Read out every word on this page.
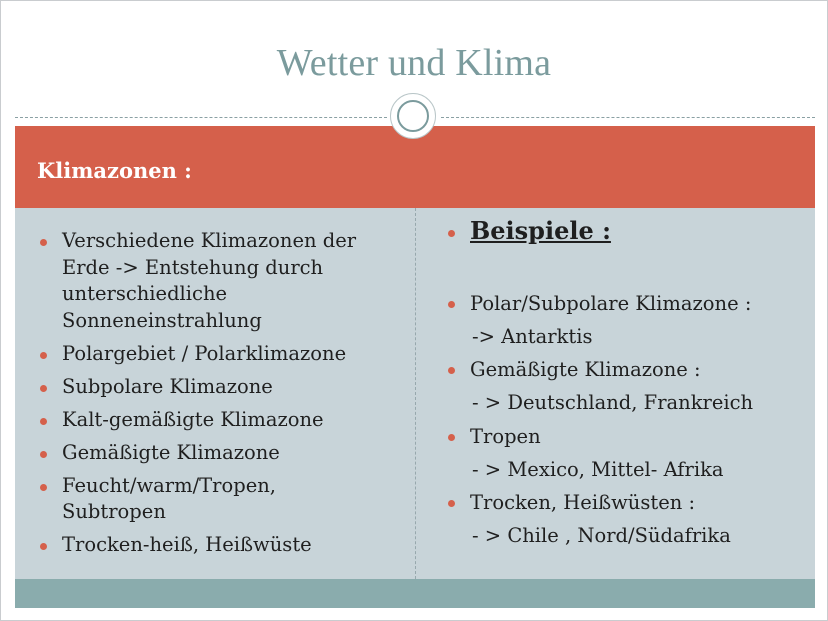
Wetter und Klima
Klimazonen :
Verschiedene Klimazonen der Erde -> Entstehung durch unterschiedliche Sonneneinstrahlung
Polargebiet / Polarklimazone
Subpolare Klimazone
Kalt-gemäßigte Klimazone
Gemäßigte Klimazone
Feucht/warm/Tropen, Subtropen
Trocken-heiß, Heißwüste
Beispiele :
Polar/Subpolare Klimazone :
-> Antarktis
Gemäßigte Klimazone :
- > Deutschland, Frankreich
Tropen
- > Mexico, Mittel- Afrika
Trocken, Heißwüsten :
- > Chile , Nord/Südafrika
